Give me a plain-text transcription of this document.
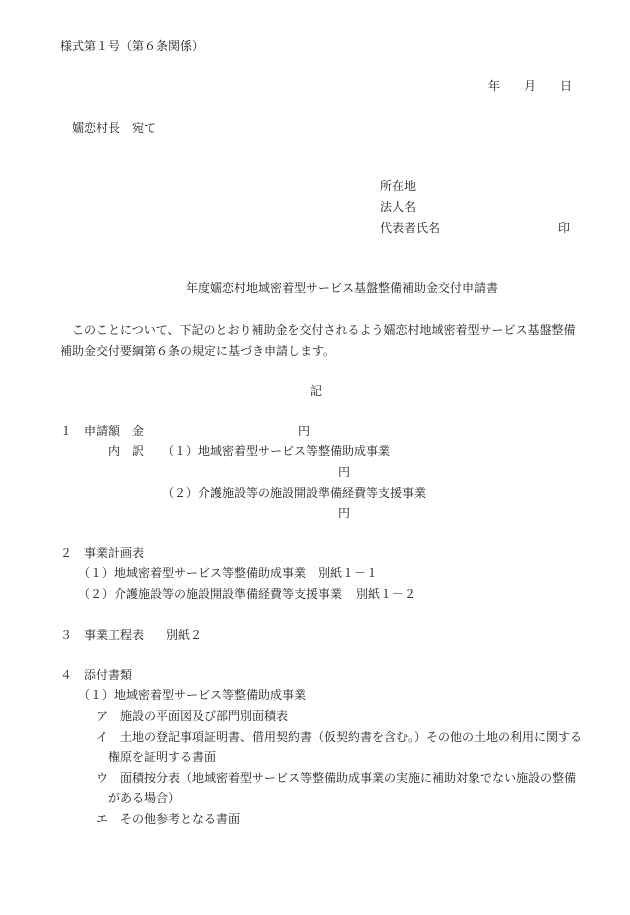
様式第１号（第６条関係）
年 月 日
嬬恋村長　宛て
所在地
法人名
代表者氏名	印
年度嬬恋村地域密着型サービス基盤整備補助金交付申請書
このことについて、下記のとおり補助金を交付されるよう嬬恋村地域密着型サービス基盤整備
補助金交付要綱第６条の規定に基づき申請します。
記
１　申請額　金	円
内　訳 （１）地域密着型サービス等整備助成事業
円
（２）介護施設等の施設開設準備経費等支援事業
円
２　事業計画表
（１）地域密着型サービス等整備助成事業 別紙１－１
（２）介護施設等の施設開設準備経費等支援事業 別紙１－２
３　事業工程表 別紙２
４　添付書類
（１）地域密着型サービス等整備助成事業
ア　施設の平面図及び部門別面積表
イ　土地の登記事項証明書、借用契約書（仮契約書を含む。）その他の土地の利用に関する
権原を証明する書面
ウ　面積按分表（地域密着型サービス等整備助成事業の実施に補助対象でない施設の整備
がある場合）
エ　その他参考となる書面
